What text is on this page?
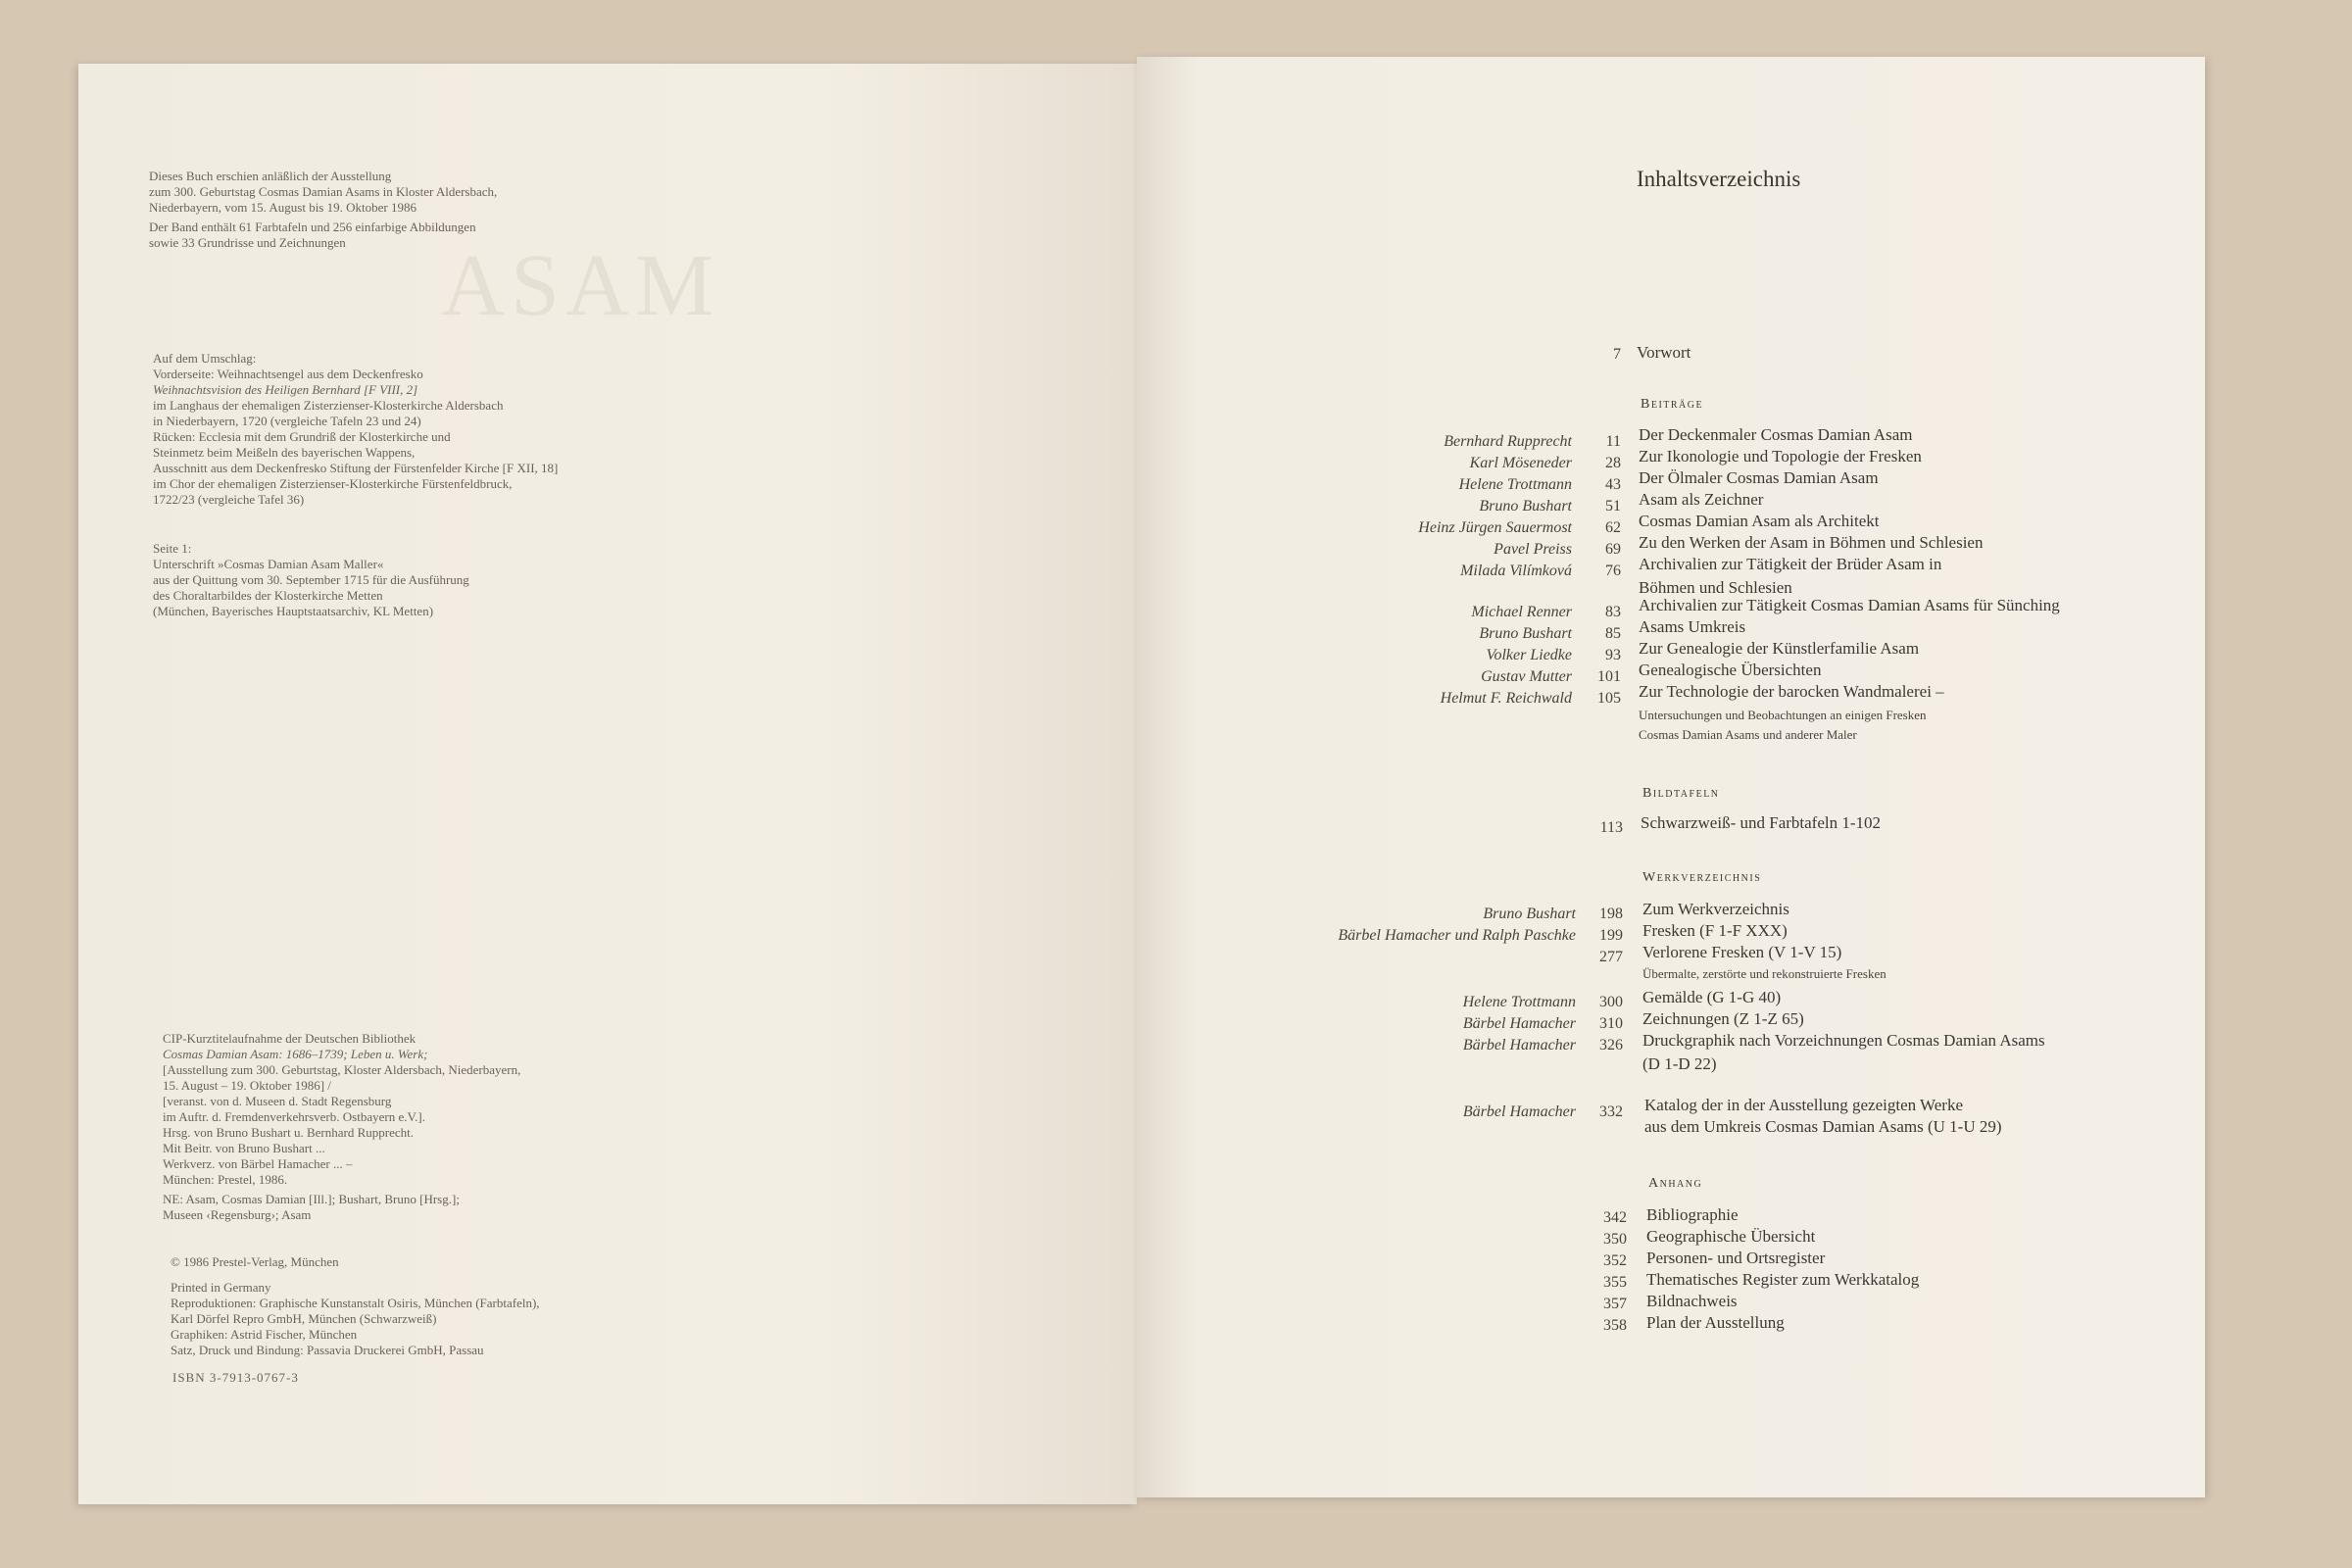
ASAM

Dieses Buch erschien anläßlich der Ausstellung

zum 300. Geburtstag Cosmas Damian Asams in Kloster Aldersbach,

Niederbayern, vom 15. August bis 19. Oktober 1986

Der Band enthält 61 Farbtafeln und 256 einfarbige Abbildungen

sowie 33 Grundrisse und Zeichnungen

Auf dem Umschlag:

Vorderseite: Weihnachtsengel aus dem Deckenfresko

Weihnachtsvision des Heiligen Bernhard [F VIII, 2]

im Langhaus der ehemaligen Zisterzienser-Klosterkirche Aldersbach

in Niederbayern, 1720 (vergleiche Tafeln 23 und 24)

Rücken: Ecclesia mit dem Grundriß der Klosterkirche und

Steinmetz beim Meißeln des bayerischen Wappens,

Ausschnitt aus dem Deckenfresko Stiftung der Fürstenfelder Kirche [F XII, 18]

im Chor der ehemaligen Zisterzienser-Klosterkirche Fürstenfeldbruck,

1722/23 (vergleiche Tafel 36)

Seite 1:

Unterschrift »Cosmas Damian Asam Maller«

aus der Quittung vom 30. September 1715 für die Ausführung

des Choraltarbildes der Klosterkirche Metten

(München, Bayerisches Hauptstaatsarchiv, KL Metten)

CIP-Kurztitelaufnahme der Deutschen Bibliothek

Cosmas Damian Asam: 1686–1739; Leben u. Werk;

[Ausstellung zum 300. Geburtstag, Kloster Aldersbach, Niederbayern,

15. August – 19. Oktober 1986] /

[veranst. von d. Museen d. Stadt Regensburg

im Auftr. d. Fremdenverkehrsverb. Ostbayern e.V.].

Hrsg. von Bruno Bushart u. Bernhard Rupprecht.

Mit Beitr. von Bruno Bushart ...

Werkverz. von Bärbel Hamacher ... –

München: Prestel, 1986.

NE: Asam, Cosmas Damian [Ill.]; Bushart, Bruno [Hrsg.];

Museen ‹Regensburg›; Asam

© 1986 Prestel-Verlag, München

Printed in Germany

Reproduktionen: Graphische Kunstanstalt Osiris, München (Farbtafeln),

Karl Dörfel Repro GmbH, München (Schwarzweiß)

Graphiken: Astrid Fischer, München

Satz, Druck und Bindung: Passavia Druckerei GmbH, Passau

ISBN 3-7913-0767-3

Inhaltsverzeichnis
7 Vorwort
Beiträge
Bernhard Rupprecht	11 Der Deckenmaler Cosmas Damian Asam
Karl Möseneder	28 Zur Ikonologie und Topologie der Fresken
Helene Trottmann	43 Der Ölmaler Cosmas Damian Asam
Bruno Bushart	51 Asam als Zeichner
Heinz Jürgen Sauermost	62 Cosmas Damian Asam als Architekt
Pavel Preiss	69 Zu den Werken der Asam in Böhmen und Schlesien
Milada Vilímková	76 Archivalien zur Tätigkeit der Brüder Asam in
Böhmen und Schlesien
Michael Renner	83 Archivalien zur Tätigkeit Cosmas Damian Asams für Sünching
Bruno Bushart	85 Asams Umkreis
Volker Liedke	93 Zur Genealogie der Künstlerfamilie Asam
Gustav Mutter	101 Genealogische Übersichten
Helmut F. Reichwald	105 Zur Technologie der barocken Wandmalerei –
Untersuchungen und Beobachtungen an einigen Fresken
Cosmas Damian Asams und anderer Maler
Bildtafeln
113 Schwarzweiß- und Farbtafeln 1-102
Werkverzeichnis
Bruno Bushart	198 Zum Werkverzeichnis
Bärbel Hamacher und Ralph Paschke	199 Fresken (F 1-F XXX)
277 Verlorene Fresken (V 1-V 15)
Übermalte, zerstörte und rekonstruierte Fresken
Helene Trottmann	300 Gemälde (G 1-G 40)
Bärbel Hamacher	310 Zeichnungen (Z 1-Z 65)
Bärbel Hamacher	326 Druckgraphik nach Vorzeichnungen Cosmas Damian Asams
(D 1-D 22)
Bärbel Hamacher	332 Katalog der in der Ausstellung gezeigten Werke
aus dem Umkreis Cosmas Damian Asams (U 1-U 29)
Anhang
342 Bibliographie
350 Geographische Übersicht
352 Personen- und Ortsregister
355 Thematisches Register zum Werkkatalog
357 Bildnachweis
358 Plan der Ausstellung
